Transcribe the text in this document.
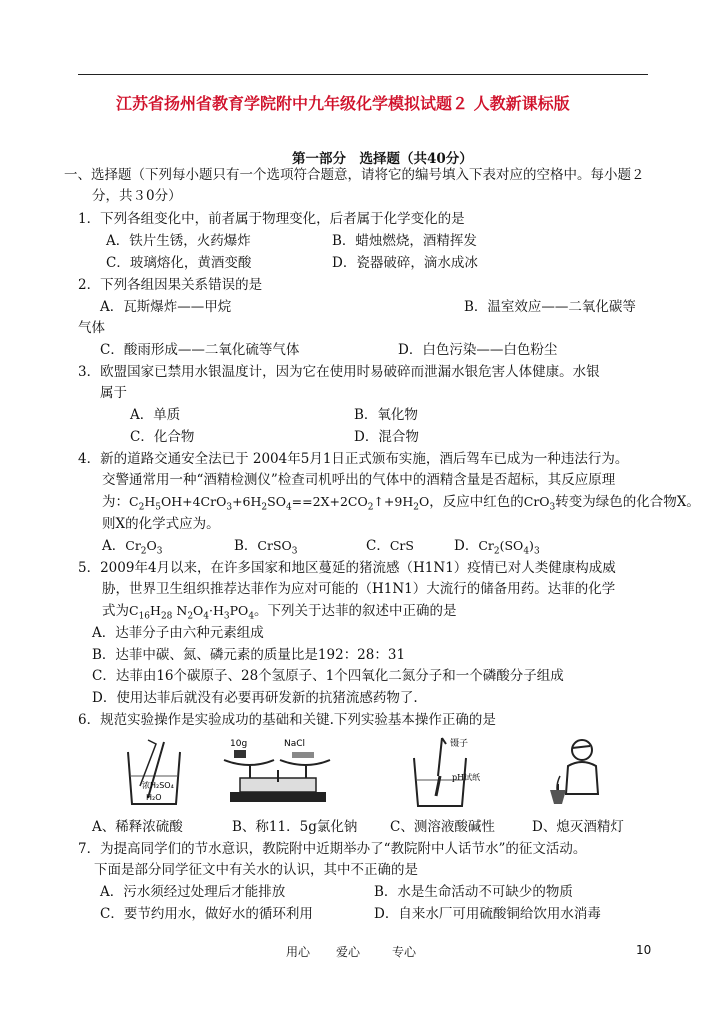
江苏省扬州省教育学院附中九年级化学模拟试题２ 人教新课标版
第一部分　选择题（共40分）
一、选择题（下列每小题只有一个选项符合题意，请将它的编号填入下表对应的空格中。每小题２
分，共３0分）
1．下列各组变化中，前者属于物理变化，后者属于化学变化的是
A．铁片生锈，火药爆炸	B．蜡烛燃烧，酒精挥发
C．玻璃熔化，黄酒变酸	D．瓷器破碎，滴水成冰
2．下列各组因果关系错误的是
A．瓦斯爆炸——甲烷	B．温室效应——二氧化碳等
气体
C．酸雨形成——二氧化硫等气体	D．白色污染——白色粉尘
3．欧盟国家已禁用水银温度计，因为它在使用时易破碎而泄漏水银危害人体健康。水银
属于
A．单质	B．氧化物
C．化合物	D．混合物
4．新的道路交通安全法已于 2004年5月1日正式颁布实施，酒后驾车已成为一种违法行为。
交警通常用一种“酒精检测仪”检查司机呼出的气体中的酒精含量是否超标，其反应原理
为：$C_2H_5OH+4CrO_3+6H_2SO_4==2X+2CO_2↑+9H_2O$，反应中红色的CrO$_3$转变为绿色的化合物X。
则X的化学式应为。
A．$Cr_2O_3$	B．CrSO$_3$	C．CrS	D．$Cr_2(SO_4)_3$
5．2009年4月以来，在许多国家和地区蔓延的猪流感（H1N1）疫情已对人类健康构成威
胁，世界卫生组织推荐达菲作为应对可能的（H1N1）大流行的储备用药。达菲的化学
式为$C_{16}H_{28}$ $N_2O_4\cdot H_3PO_4$。下列关于达菲的叙述中正确的是
A．达菲分子由六种元素组成
B．达菲中碳、氮、磷元素的质量比是192：28：31
C．达菲由16个碳原子、28个氢原子、1个四氧化二氮分子和一个磷酸分子组成
D．使用达菲后就没有必要再研发新的抗猪流感药物了.
6．规范实验操作是实验成功的基础和关键.下列实验基本操作正确的是
浓H₂SO₄
H₂O
10g	NaCl	镊子
pH试纸
A、稀释浓硫酸	B、称11．5g氯化钠 C、测溶液酸碱性	D、熄灭酒精灯
7．为提高同学们的节水意识，教院附中近期举办了“教院附中人话节水”的征文活动。
下面是部分同学征文中有关水的认识，其中不正确的是
A．污水须经过处理后才能排放	B．水是生命活动不可缺少的物质
C．要节约用水，做好水的循环利用	D．自来水厂可用硫酸铜给饮用水消毒
用心 爱心	专心	10
